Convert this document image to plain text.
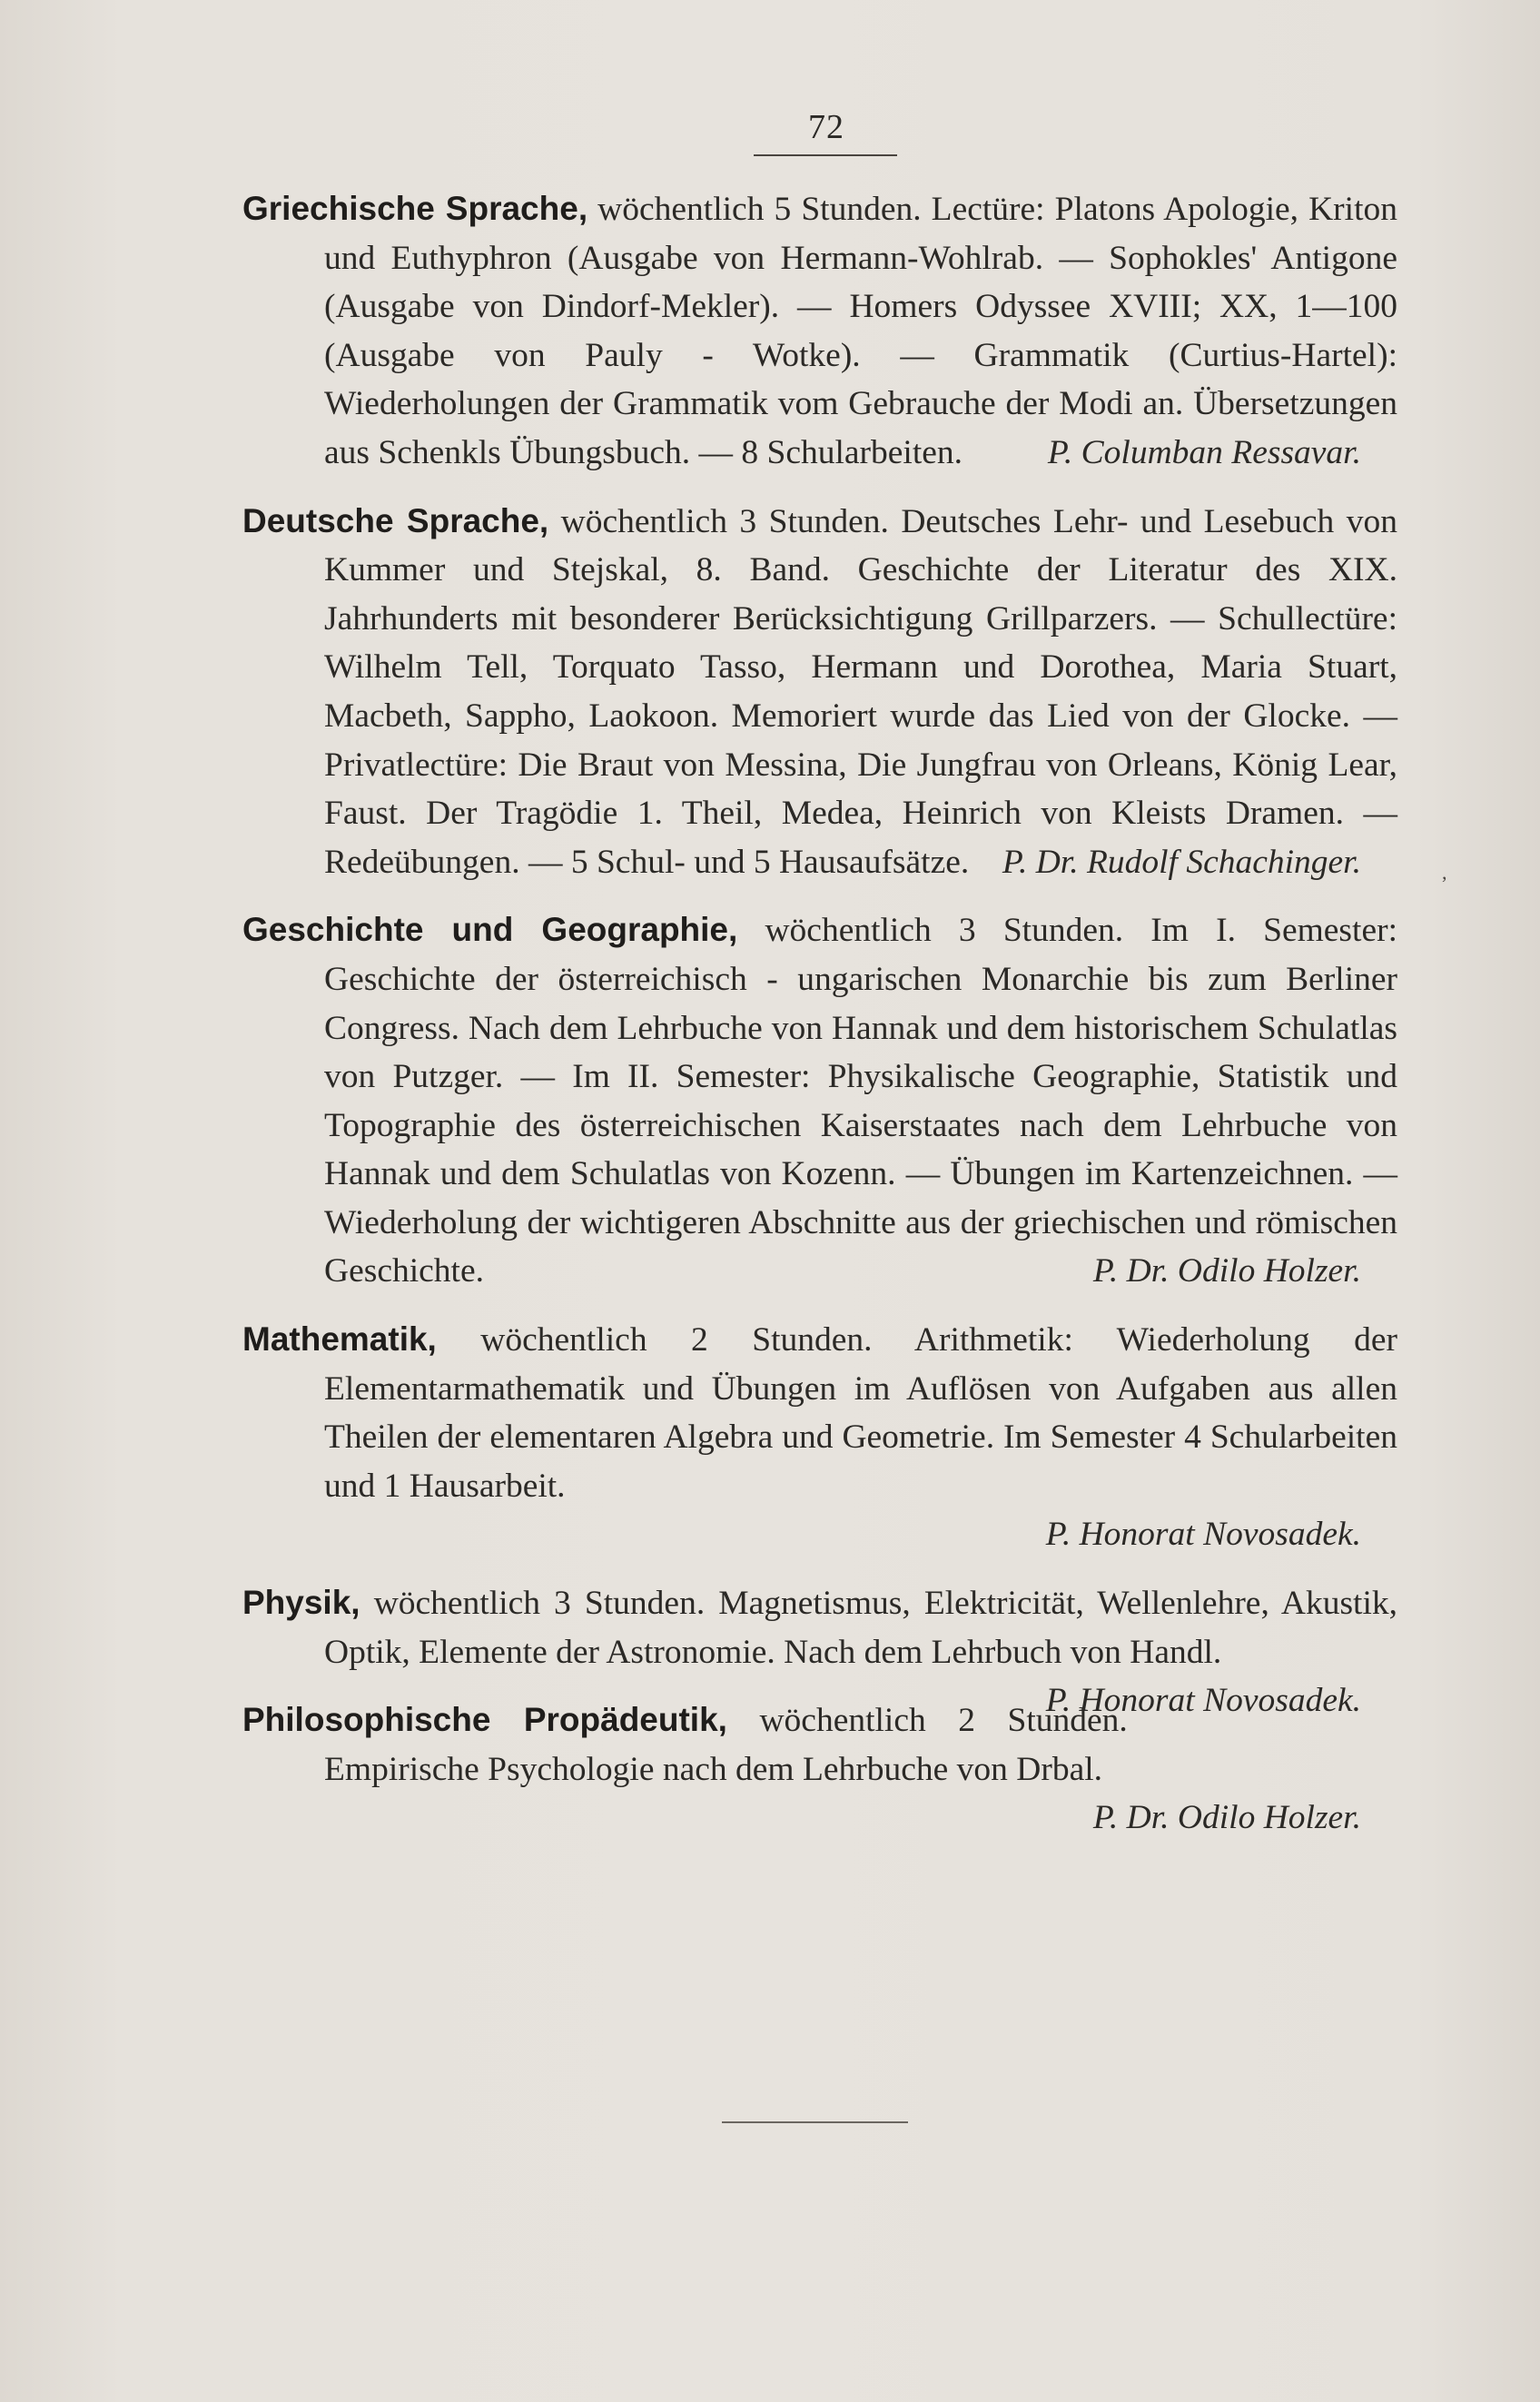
72

Griechische Sprache, wöchentlich 5 Stunden. Lectüre: Platons Apologie, Kriton und Euthyphron (Ausgabe von Hermann-Wohlrab. — Sophokles' Antigone (Ausgabe von Dindorf-Mekler). — Homers Odyssee XVIII; XX, 1—100 (Ausgabe von Pauly - Wotke). — Grammatik (Curtius-Hartel): Wiederholungen der Grammatik vom Gebrauche der Modi an. Übersetzungen aus Schenkls Übungsbuch. — 8 Schularbeiten.	P. Columban Ressavar.

Deutsche Sprache, wöchentlich 3 Stunden. Deutsches Lehr- und Lesebuch von Kummer und Stejskal, 8. Band. Geschichte der Literatur des XIX. Jahrhunderts mit besonderer Berücksichtigung Grillparzers. — Schullectüre: Wilhelm Tell, Torquato Tasso, Hermann und Dorothea, Maria Stuart, Macbeth, Sappho, Laokoon. Memoriert wurde das Lied von der Glocke. — Privatlectüre: Die Braut von Messina, Die Jungfrau von Orleans, König Lear, Faust. Der Tragödie 1. Theil, Medea, Heinrich von Kleists Dramen. — Redeübungen. — 5 Schul- und 5 Hausaufsätze. P. Dr. Rudolf Schachinger.

Geschichte und Geographie, wöchentlich 3 Stunden. Im I. Semester: Geschichte der österreichisch - ungarischen Monarchie bis zum Berliner Congress. Nach dem Lehrbuche von Hannak und dem historischem Schulatlas von Putzger. — Im II. Semester: Physikalische Geographie, Statistik und Topographie des österreichischen Kaiserstaates nach dem Lehrbuche von Hannak und dem Schulatlas von Kozenn. — Übungen im Kartenzeichnen. — Wiederholung der wichtigeren Abschnitte aus der griechischen und römischen Geschichte.	P. Dr. Odilo Holzer.

Mathematik, wöchentlich 2 Stunden. Arithmetik: Wiederholung der Elementarmathematik und Übungen im Auflösen von Aufgaben aus allen Theilen der elementaren Algebra und Geometrie. Im Semester 4 Schularbeiten und 1 Hausarbeit.

P. Honorat Novosadek.

Physik, wöchentlich 3 Stunden. Magnetismus, Elektricität, Wellenlehre, Akustik, Optik, Elemente der Astronomie. Nach dem Lehrbuch von Handl.
P. Honorat Novosadek.

Philosophische Propädeutik, wöchentlich 2 Stunden. Empirische Psychologie nach dem Lehrbuche von Drbal.

P. Dr. Odilo Holzer.

,
